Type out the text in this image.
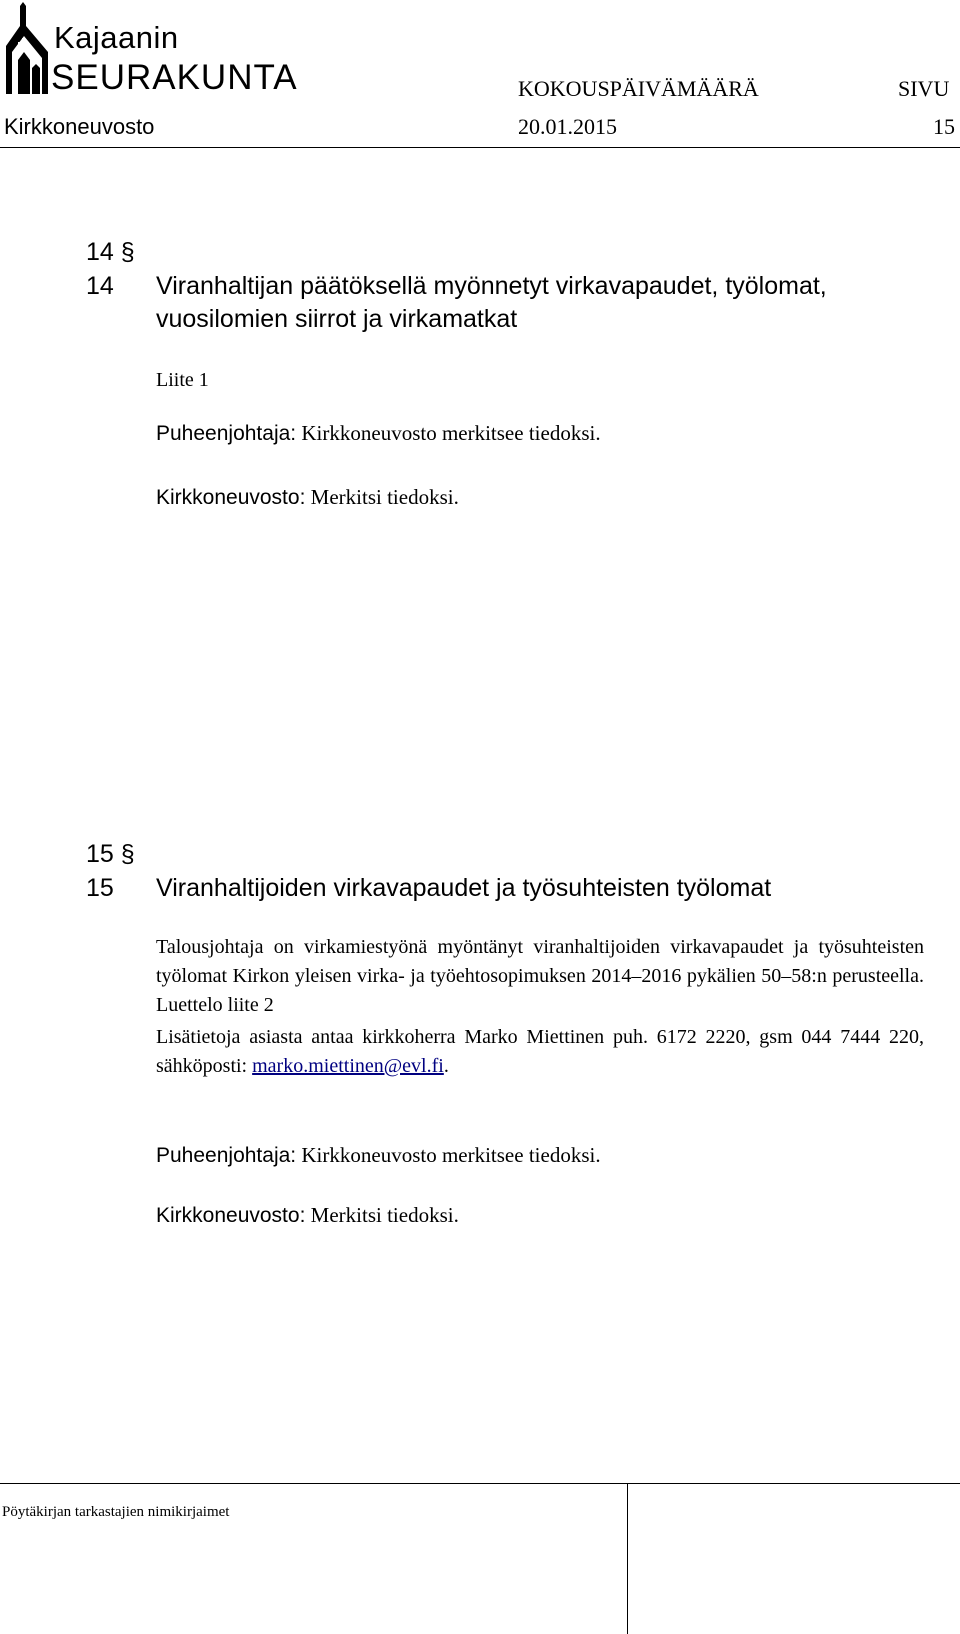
Kajaanin
SEURAKUNTA	KOKOUSPÄIVÄMÄÄRÄ	SIVU
Kirkkoneuvosto	20.01.2015	15
14 §
14 Viranhaltijan päätöksellä myönnetyt virkavapaudet, työlomat,
vuosilomien siirrot ja virkamatkat
Liite 1
Puheenjohtaja: Kirkkoneuvosto merkitsee tiedoksi.
Kirkkoneuvosto: Merkitsi tiedoksi.
15 §
15 Viranhaltijoiden virkavapaudet ja työsuhteisten työlomat

Talousjohtaja on virkamiestyönä myöntänyt viranhaltijoiden virkavapaudet ja työsuhteisten työlomat Kirkon yleisen virka- ja työehtosopimuksen 2014–2016 pykälien 50–58:n perusteella. Luettelo liite 2

Lisätietoja asiasta antaa kirkkoherra Marko Miettinen puh. 6172 2220, gsm 044 7444 220, sähköposti: marko.miettinen@evl.fi.

Puheenjohtaja: Kirkkoneuvosto merkitsee tiedoksi.
Kirkkoneuvosto: Merkitsi tiedoksi.
Pöytäkirjan tarkastajien nimikirjaimet
